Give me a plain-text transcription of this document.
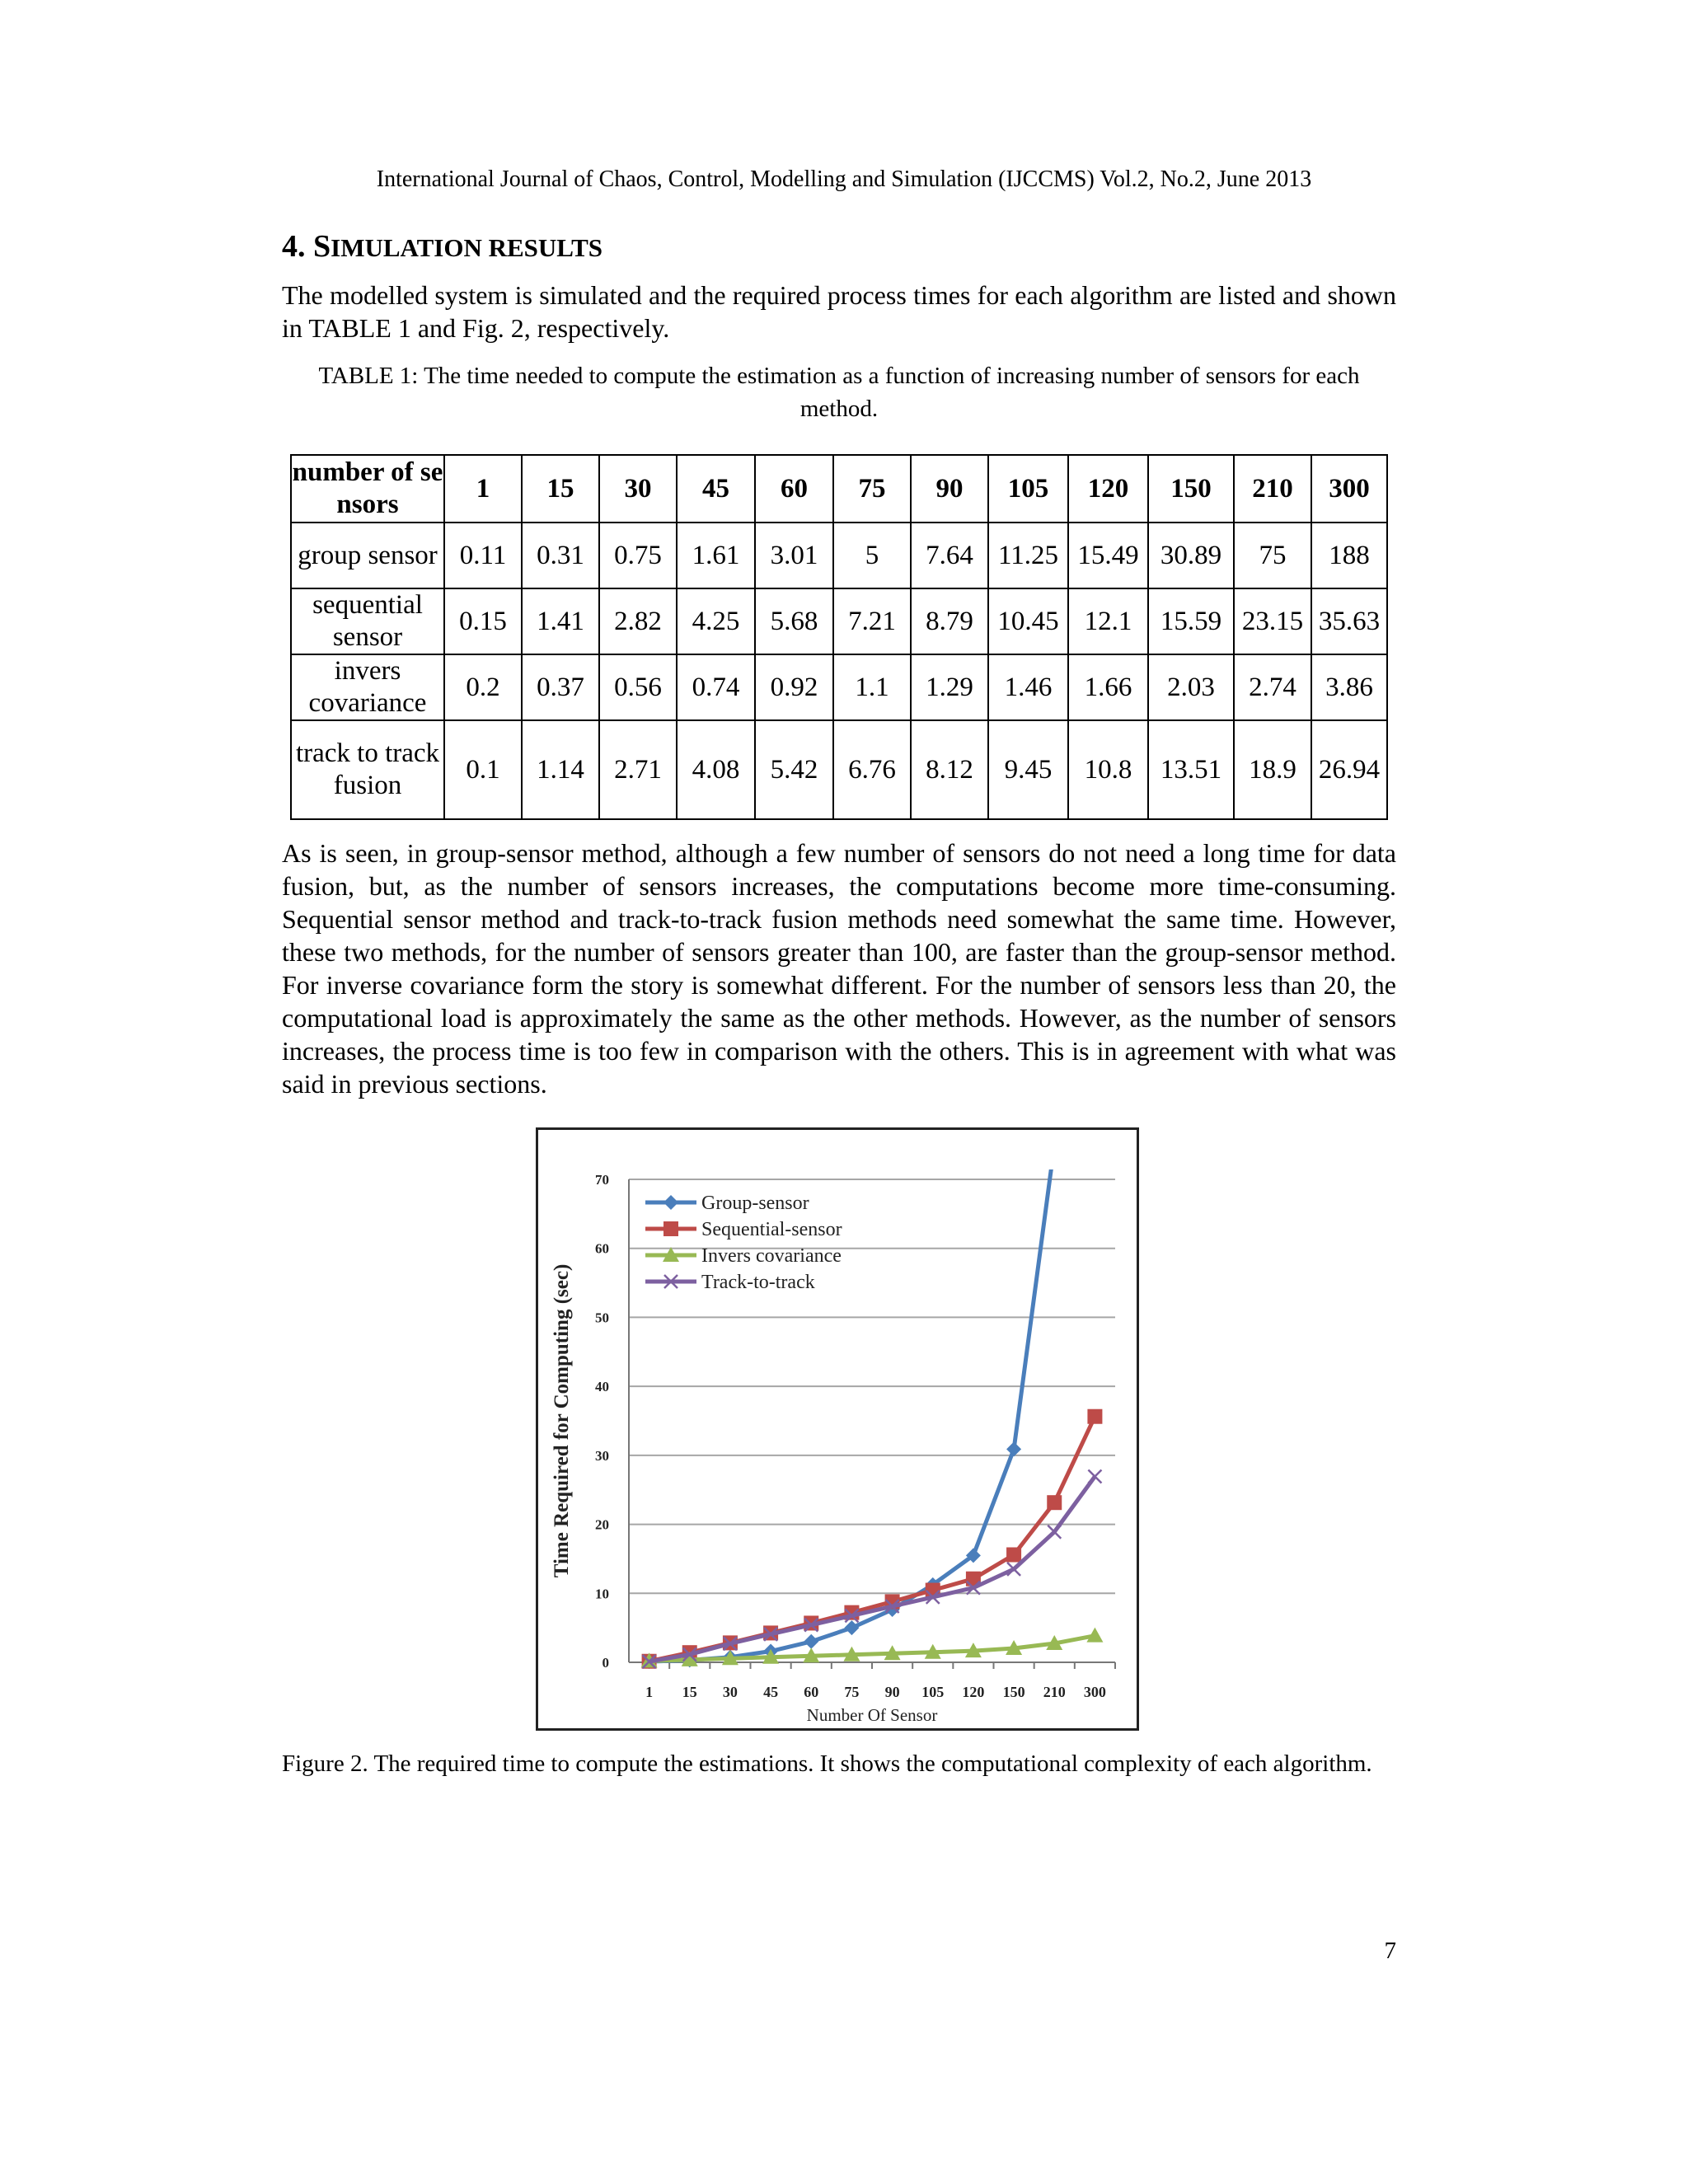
International Journal of Chaos, Control, Modelling and Simulation (IJCCMS) Vol.2, No.2, June 2013
4. SIMULATION RESULTS

The modelled system is simulated and the required process times for each algorithm are listed and shown in TABLE 1 and Fig. 2, respectively.

TABLE 1: The time needed to compute the estimation as a function of increasing number of sensors for each method.
number of sensors	1	15	30	45	60	75	90	105	120	150	210	300
group sensor	0.11	0.31	0.75	1.61	3.01	5	7.64	11.25	15.49	30.89	75	188
sequential sensor	0.15	1.41	2.82	4.25	5.68	7.21	8.79	10.45	12.1	15.59	23.15	35.63
invers covariance	0.2	0.37	0.56	0.74	0.92	1.1	1.29	1.46	1.66	2.03	2.74	3.86
track to track fusion	0.1	1.14	2.71	4.08	5.42	6.76	8.12	9.45	10.8	13.51	18.9	26.94

As is seen, in group-sensor method, although a few number of sensors do not need a long time for data fusion, but, as the number of sensors increases, the computations become more time-consuming. Sequential sensor method and track-to-track fusion methods need somewhat the same time. However, these two methods, for the number of sensors greater than 100, are faster than the group-sensor method. For inverse covariance form the story is somewhat different. For the number of sensors less than 20, the computational load is approximately the same as the other methods. However, as the number of sensors increases, the process time is too few in comparison with the others. This is in agreement with what was said in previous sections.

0
10
20
30
40
50
60
70
1 15 30 45 60 75 90 105 120 150 210 300
Number Of Sensor
Time Required for Computing (sec)
Group-sensor
Sequential-sensor
Invers covariance
Track-to-track

Figure 2. The required time to compute the estimations. It shows the computational complexity of each algorithm.

7
